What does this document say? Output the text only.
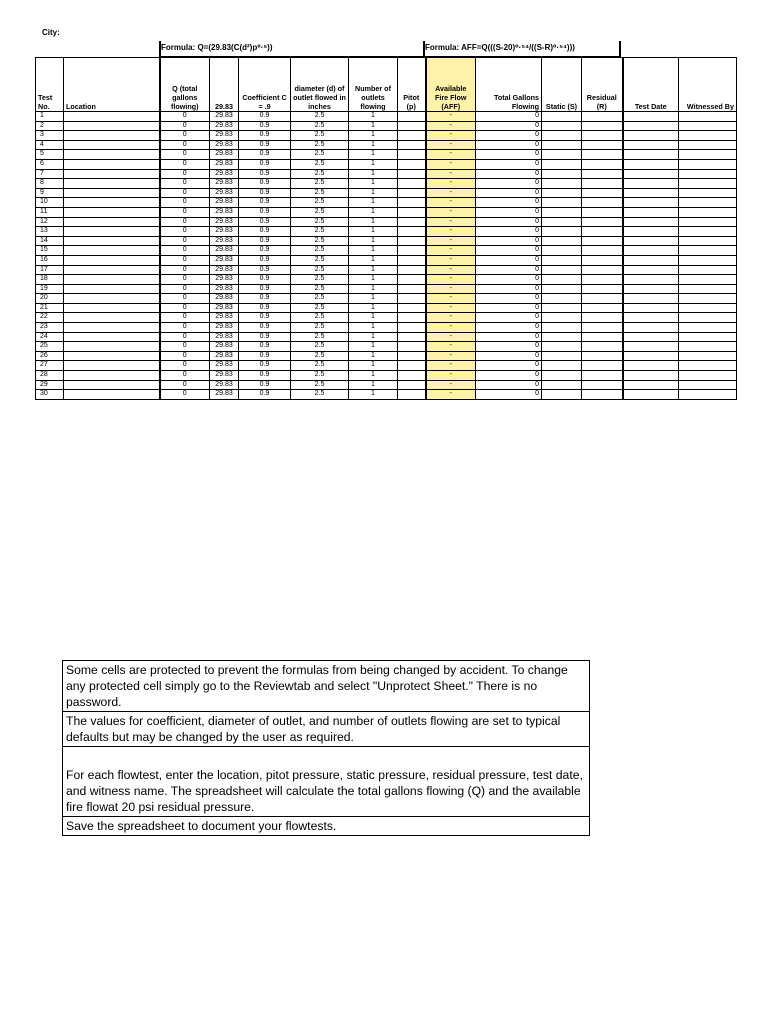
City:
Formula: Q=(29.83(C(d²)p⁰·⁵))	Formula: AFF=Q(((S-20)⁰·⁵⁴/((S-R)⁰·⁵⁴)))
Test No.	Location	Q (total gallons flowing)	29.83	Coefficient C = .9	diameter (d) of outlet flowed in inches	Number of outlets flowing	Pitot (p)	Available Fire Flow (AFF)	Total Gallons Flowing	Static (S)	Residual (R)	Test Date	Witnessed By
1		0	29.83	0.9	2.5	1		-	0				
2		0	29.83	0.9	2.5	1		-	0				
3		0	29.83	0.9	2.5	1		-	0				
4		0	29.83	0.9	2.5	1		-	0				
5		0	29.83	0.9	2.5	1		-	0				
6		0	29.83	0.9	2.5	1		-	0				
7		0	29.83	0.9	2.5	1		-	0				
8		0	29.83	0.9	2.5	1		-	0				
9		0	29.83	0.9	2.5	1		-	0				
10		0	29.83	0.9	2.5	1		-	0				
11		0	29.83	0.9	2.5	1		-	0				
12		0	29.83	0.9	2.5	1		-	0				
13		0	29.83	0.9	2.5	1		-	0				
14		0	29.83	0.9	2.5	1		-	0				
15		0	29.83	0.9	2.5	1		-	0				
16		0	29.83	0.9	2.5	1		-	0				
17		0	29.83	0.9	2.5	1		-	0				
18		0	29.83	0.9	2.5	1		-	0				
19		0	29.83	0.9	2.5	1		-	0				
20		0	29.83	0.9	2.5	1		-	0				
21		0	29.83	0.9	2.5	1		-	0				
22		0	29.83	0.9	2.5	1		-	0				
23		0	29.83	0.9	2.5	1		-	0				
24		0	29.83	0.9	2.5	1		-	0				
25		0	29.83	0.9	2.5	1		-	0				
26		0	29.83	0.9	2.5	1		-	0				
27		0	29.83	0.9	2.5	1		-	0				
28		0	29.83	0.9	2.5	1		-	0				
29		0	29.83	0.9	2.5	1		-	0				
30		0	29.83	0.9	2.5	1		-	0				
Some cells are protected to prevent the formulas from being changed by accident. To change any protected cell simply go to the Reviewtab and select "Unprotect Sheet." There is no password.
The values for coefficient, diameter of outlet, and number of outlets flowing are set to typical defaults but may be changed by the user as required.
For each flowtest, enter the location, pitot pressure, static pressure, residual pressure, test date, and witness name. The spreadsheet will calculate the total gallons flowing (Q) and the available fire flowat 20 psi residual pressure.
Save the spreadsheet to document your flowtests.
